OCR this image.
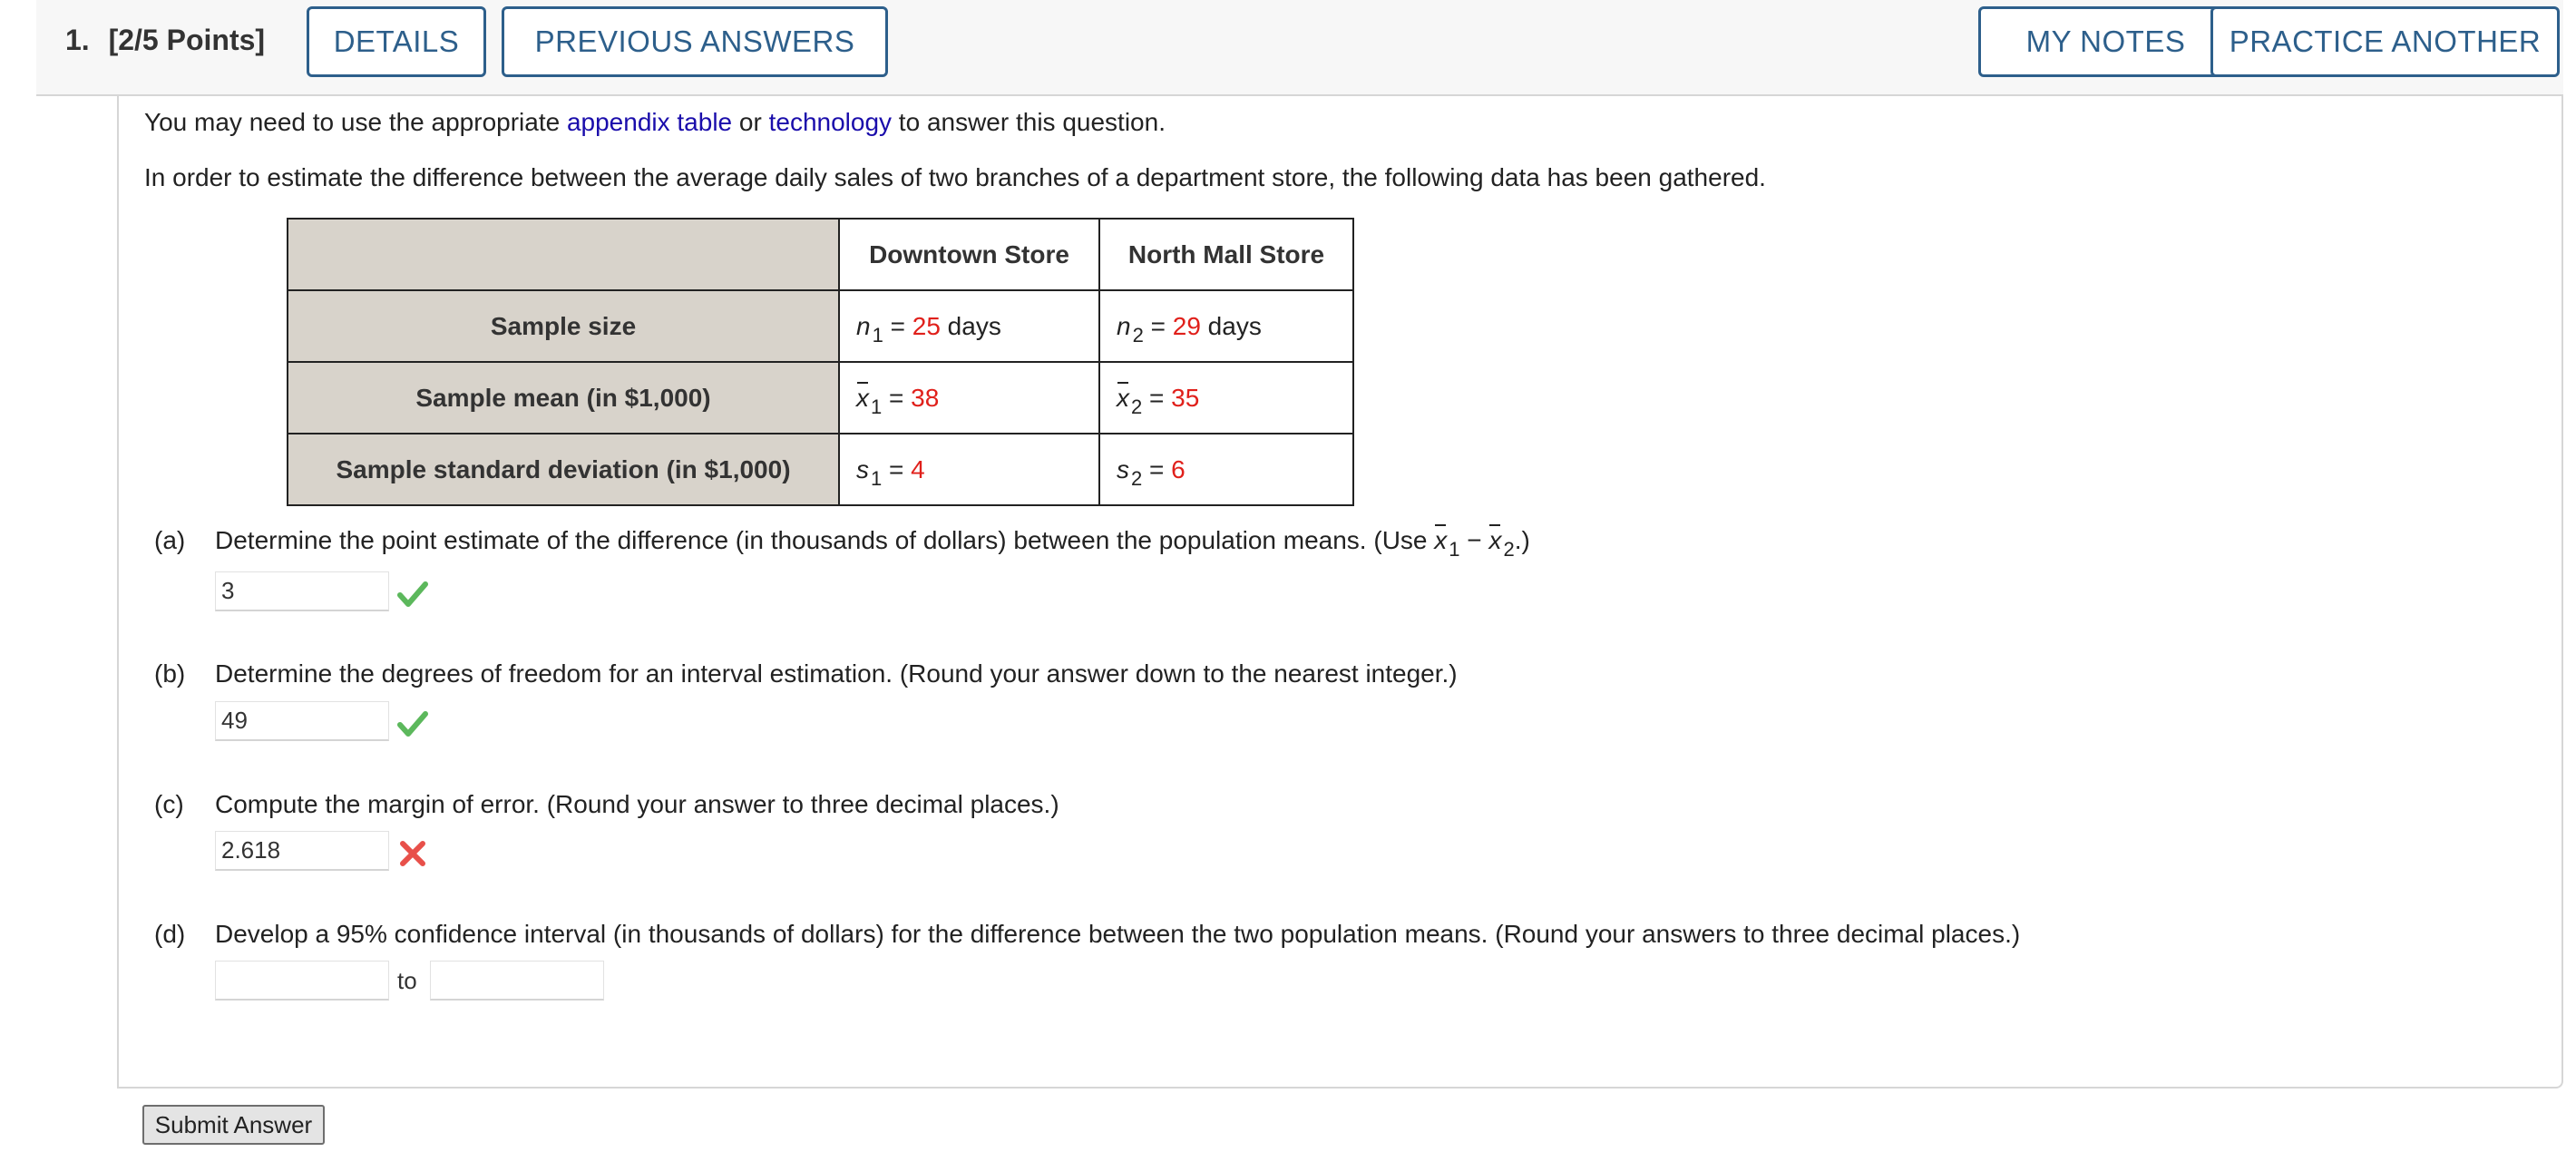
1. [2/5 Points]	DETAILS	PREVIOUS ANSWERS	MY NOTES	PRACTICE ANOTHER
You may need to use the appropriate appendix table or technology to answer this question.
In order to estimate the difference between the average daily sales of two branches of a department store, the following data has been gathered.
	Downtown Store	North Mall Store
Sample size	$n_1 = 25$ days	$n_2 = 29$ days
Sample mean (in $1,000)	$x_1 = 38$	$x_2 = 35$
Sample standard deviation (in $1,000)	$s_1 = 4$	$s_2 = 6$
(a) Determine the point estimate of the difference (in thousands of dollars) between the population means. (Use $x_1 - x_2$.)
3
(b) Determine the degrees of freedom for an interval estimation. (Round your answer down to the nearest integer.)
49
(c) Compute the margin of error. (Round your answer to three decimal places.)
2.618
(d) Develop a 95% confidence interval (in thousands of dollars) for the difference between the two population means. (Round your answers to three decimal places.)
to
Submit Answer
